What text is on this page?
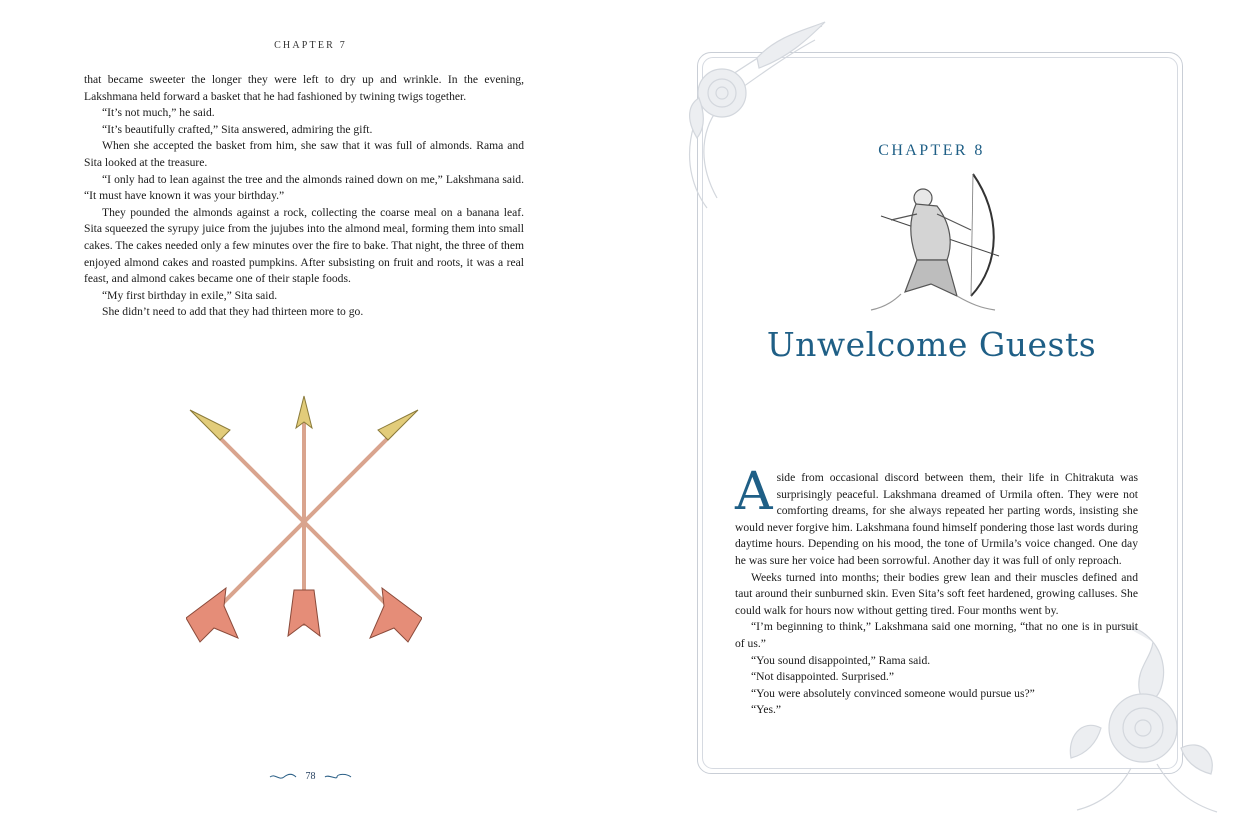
CHAPTER 7

that became sweeter the longer they were left to dry up and wrinkle. In the evening, Lakshmana held forward a basket that he had fashioned by twining twigs together.

“It’s not much,” he said.

“It’s beautifully crafted,” Sita answered, admiring the gift.

When she accepted the basket from him, she saw that it was full of almonds. Rama and Sita looked at the treasure.

“I only had to lean against the tree and the almonds rained down on me,” Lakshmana said. “It must have known it was your birthday.”

They pounded the almonds against a rock, collecting the coarse meal on a banana leaf. Sita squeezed the syrupy juice from the jujubes into the almond meal, forming them into small cakes. The cakes needed only a few minutes over the fire to bake. That night, the three of them enjoyed almond cakes and roasted pumpkins. After subsisting on fruit and roots, it was a real feast, and almond cakes became one of their staple foods.

“My first birthday in exile,” Sita said.

She didn’t need to add that they had thirteen more to go.

78
CHAPTER 8
Unwelcome Guests

Aside from occasional discord between them, their life in Chitrakuta was surprisingly peaceful. Lakshmana dreamed of Urmila often. They were not comforting dreams, for she always repeated her parting words, insisting she would never forgive him. Lakshmana found himself pondering those last words during daytime hours. Depending on his mood, the tone of Urmila’s voice changed. One day he was sure her voice had been sorrowful. Another day it was full of only reproach.

Weeks turned into months; their bodies grew lean and their muscles defined and taut around their sunburned skin. Even Sita’s soft feet hardened, growing calluses. She could walk for hours now without getting tired. Four months went by.

“I’m beginning to think,” Lakshmana said one morning, “that no one is in pursuit of us.”

“You sound disappointed,” Rama said.

“Not disappointed. Surprised.”

“You were absolutely convinced someone would pursue us?”

“Yes.”
